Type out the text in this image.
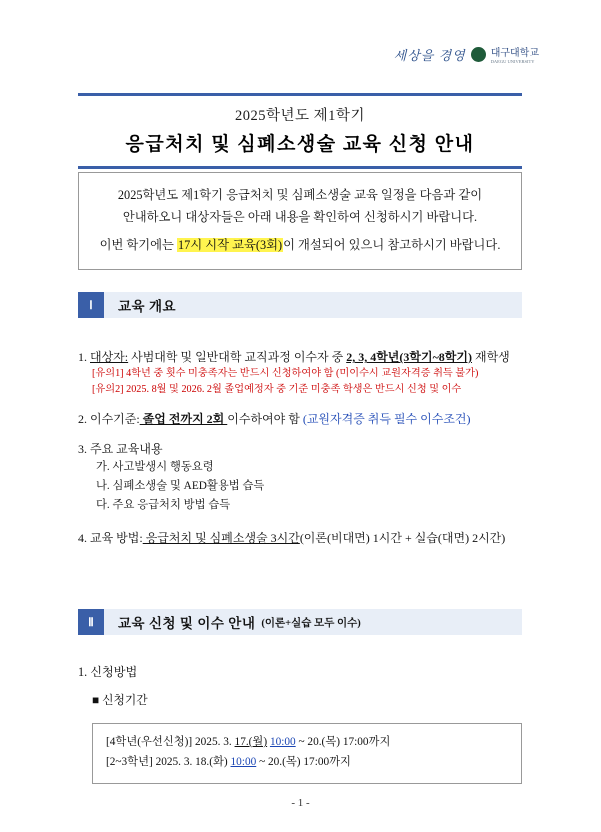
세상을 경영	대구대학교
DAEGU UNIVERSITY
2025학년도 제1학기
응급처치 및 심폐소생술 교육 신청 안내
2025학년도 제1학기 응급처치 및 심폐소생술 교육 일정을 다음과 같이
안내하오니 대상자들은 아래 내용을 확인하여 신청하시기 바랍니다.
이번 학기에는 17시 시작 교육(3회)이 개설되어 있으니 참고하시기 바랍니다.
Ⅰ	교육 개요
1. 대상자: 사범대학 및 일반대학 교직과정 이수자 중 2, 3, 4학년(3학기~8학기) 재학생
[유의1] 4학년 중 횟수 미충족자는 반드시 신청하여야 함 (미이수시 교원자격증 취득 불가)
[유의2] 2025. 8월 및 2026. 2월 졸업예정자 중 기준 미충족 학생은 반드시 신청 및 이수
2. 이수기준: 졸업 전까지 2회 이수하여야 함 (교원자격증 취득 필수 이수조건)
3. 주요 교육내용
가. 사고발생시 행동요령
나. 심폐소생술 및 AED활용법 습득
다. 주요 응급처치 방법 습득
4. 교육 방법: 응급처치 및 심폐소생술 3시간(이론(비대면) 1시간 + 실습(대면) 2시간)
Ⅱ	교육 신청 및 이수 안내 (이론+실습 모두 이수)
1. 신청방법
■ 신청기간
[4학년(우선신청)] 2025. 3. 17.(월) 10:00 ~ 20.(목) 17:00까지
[2~3학년] 2025. 3. 18.(화) 10:00 ~ 20.(목) 17:00까지
- 1 -
